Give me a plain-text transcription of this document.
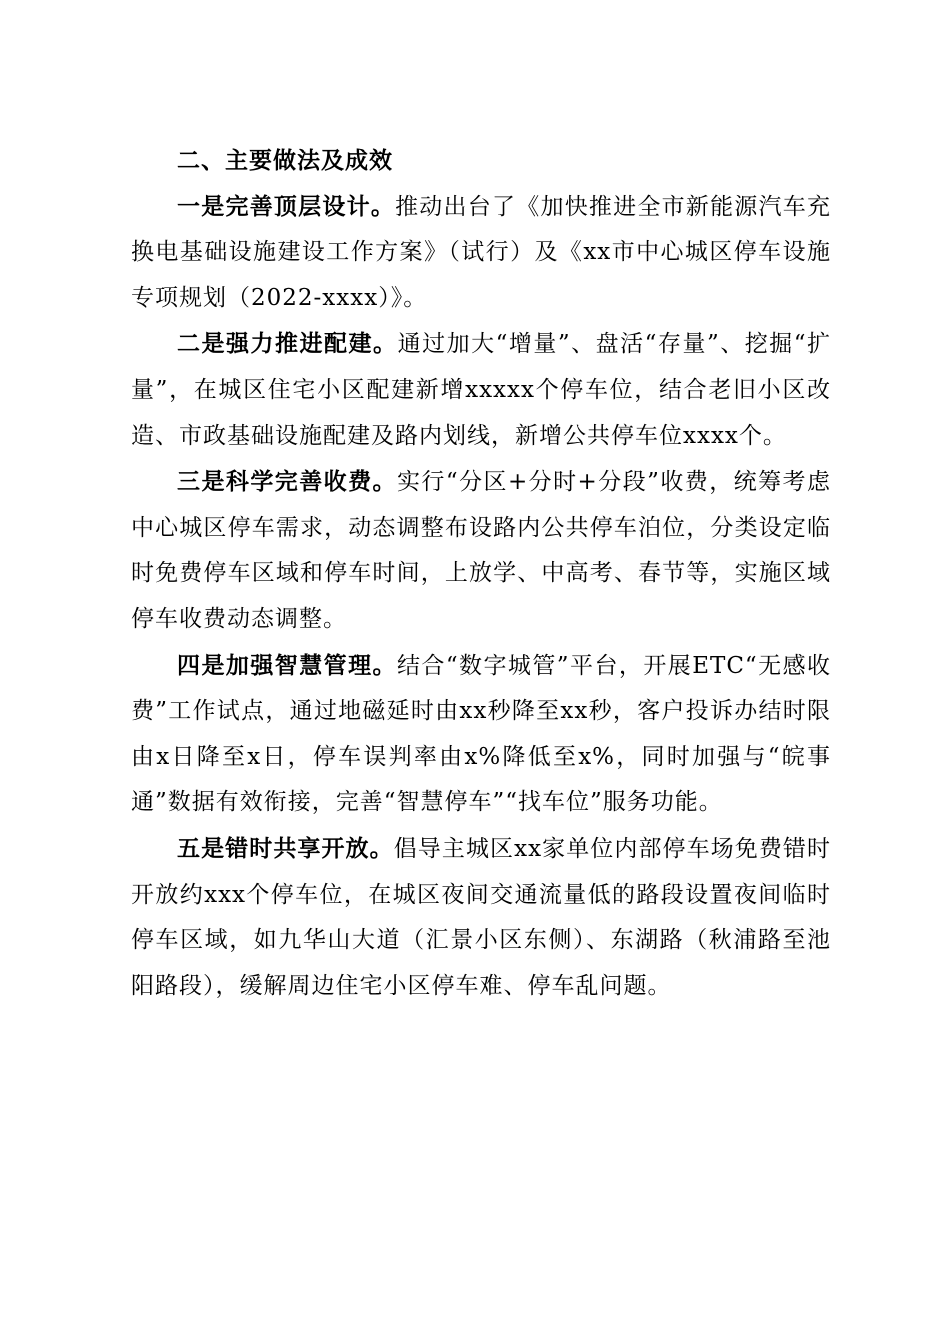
二、主要做法及成效

一是完善顶层设计。推动出台了《加快推进全市新能源汽车充换电基础设施建设工作方案》（试行）及《xx市中心城区停车设施专项规划（2022-xxxx）》。

二是强力推进配建。通过加大“增量”、盘活“存量”、挖掘“扩量”，在城区住宅小区配建新增xxxxx个停车位，结合老旧小区改造、市政基础设施配建及路内划线，新增公共停车位xxxx个。

三是科学完善收费。实行“分区+分时+分段”收费，统筹考虑中心城区停车需求，动态调整布设路内公共停车泊位，分类设定临时免费停车区域和停车时间，上放学、中高考、春节等，实施区域停车收费动态调整。

四是加强智慧管理。结合“数字城管”平台，开展ETC“无感收费”工作试点，通过地磁延时由xx秒降至xx秒，客户投诉办结时限由x日降至x日，停车误判率由x%降低至x%，同时加强与“皖事通”数据有效衔接，完善“智慧停车”“找车位”服务功能。

五是错时共享开放。倡导主城区xx家单位内部停车场免费错时开放约xxx个停车位，在城区夜间交通流量低的路段设置夜间临时停车区域，如九华山大道（汇景小区东侧）、东湖路（秋浦路至池阳路段），缓解周边住宅小区停车难、停车乱问题。
